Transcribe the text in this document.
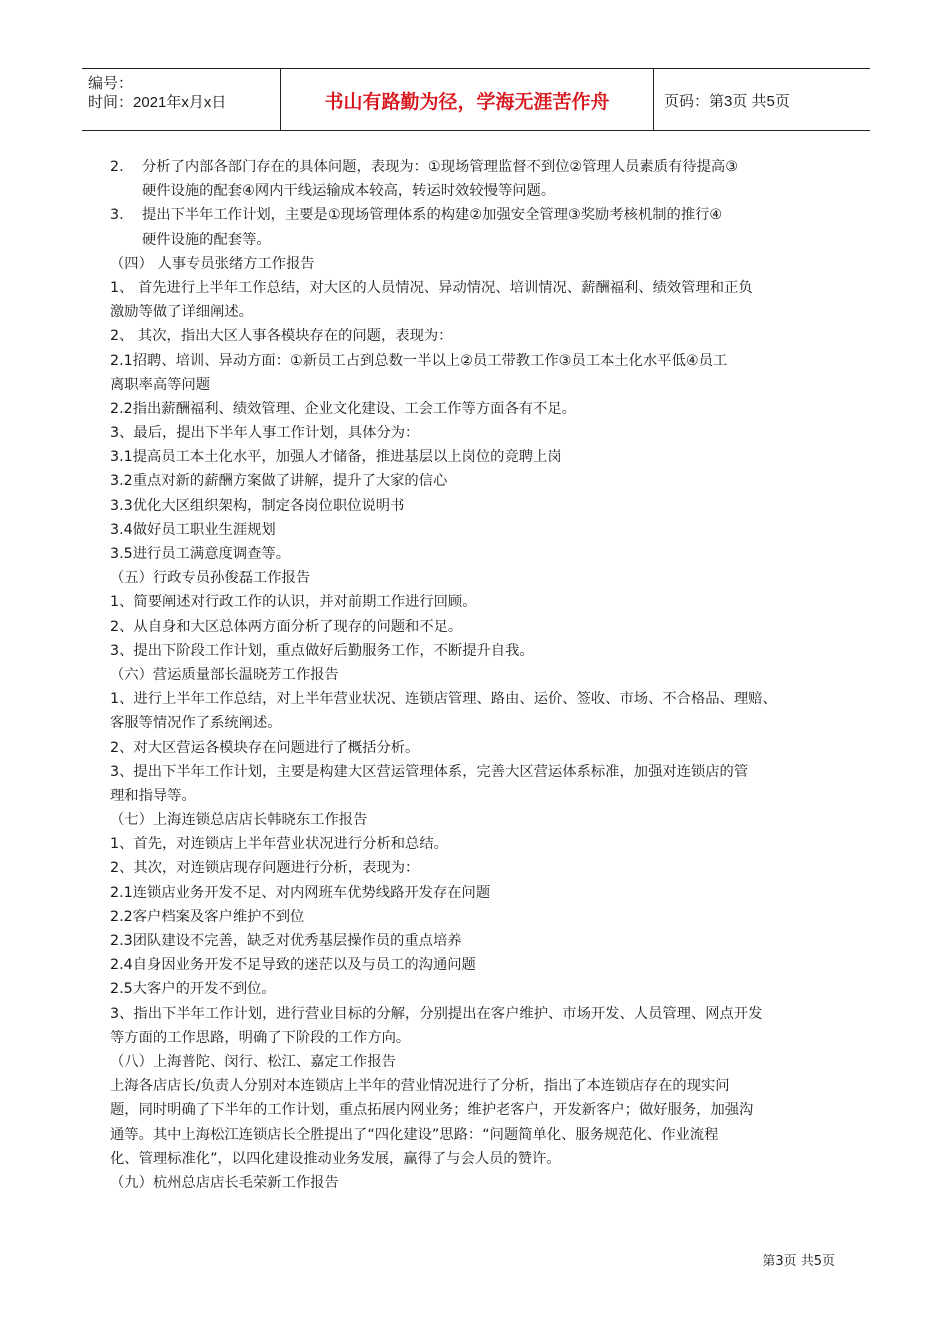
编号：
时间：2021年x月x日	书山有路勤为径，学海无涯苦作舟	页码：第3页 共5页
2. 分析了内部各部门存在的具体问题，表现为：①现场管理监督不到位②管理人员素质有待提高③
硬件设施的配套④网内干线运输成本较高，转运时效较慢等问题。
3. 提出下半年工作计划，主要是①现场管理体系的构建②加强安全管理③奖励考核机制的推行④
硬件设施的配套等。
（四） 人事专员张绪方工作报告
1、 首先进行上半年工作总结，对大区的人员情况、异动情况、培训情况、薪酬福利、绩效管理和正负
激励等做了详细阐述。
2、 其次，指出大区人事各模块存在的问题，表现为：
2.1招聘、培训、异动方面：①新员工占到总数一半以上②员工带教工作③员工本土化水平低④员工
离职率高等问题
2.2指出薪酬福利、绩效管理、企业文化建设、工会工作等方面各有不足。
3、最后，提出下半年人事工作计划，具体分为：
3.1提高员工本土化水平，加强人才储备，推进基层以上岗位的竞聘上岗
3.2重点对新的薪酬方案做了讲解，提升了大家的信心
3.3优化大区组织架构，制定各岗位职位说明书
3.4做好员工职业生涯规划
3.5进行员工满意度调查等。
（五）行政专员孙俊磊工作报告
1、简要阐述对行政工作的认识，并对前期工作进行回顾。
2、从自身和大区总体两方面分析了现存的问题和不足。
3、提出下阶段工作计划，重点做好后勤服务工作，不断提升自我。
（六）营运质量部长温晓芳工作报告
1、进行上半年工作总结，对上半年营业状况、连锁店管理、路由、运价、签收、市场、不合格品、理赔、
客服等情况作了系统阐述。
2、对大区营运各模块存在问题进行了概括分析。
3、提出下半年工作计划，主要是构建大区营运管理体系，完善大区营运体系标准，加强对连锁店的管
理和指导等。
（七）上海连锁总店店长韩晓东工作报告
1、首先，对连锁店上半年营业状况进行分析和总结。
2、其次，对连锁店现存问题进行分析，表现为：
2.1连锁店业务开发不足、对内网班车优势线路开发存在问题
2.2客户档案及客户维护不到位
2.3团队建设不完善，缺乏对优秀基层操作员的重点培养
2.4自身因业务开发不足导致的迷茫以及与员工的沟通问题
2.5大客户的开发不到位。
3、指出下半年工作计划，进行营业目标的分解，分别提出在客户维护、市场开发、人员管理、网点开发
等方面的工作思路，明确了下阶段的工作方向。
（八）上海普陀、闵行、松江、嘉定工作报告
上海各店店长/负责人分别对本连锁店上半年的营业情况进行了分析，指出了本连锁店存在的现实问
题，同时明确了下半年的工作计划，重点拓展内网业务；维护老客户，开发新客户；做好服务，加强沟
通等。其中上海松江连锁店长仝胜提出了“四化建设”思路：“问题简单化、服务规范化、作业流程
化、管理标准化”，以四化建设推动业务发展，赢得了与会人员的赞许。
（九）杭州总店店长毛荣新工作报告
第3页 共5页
